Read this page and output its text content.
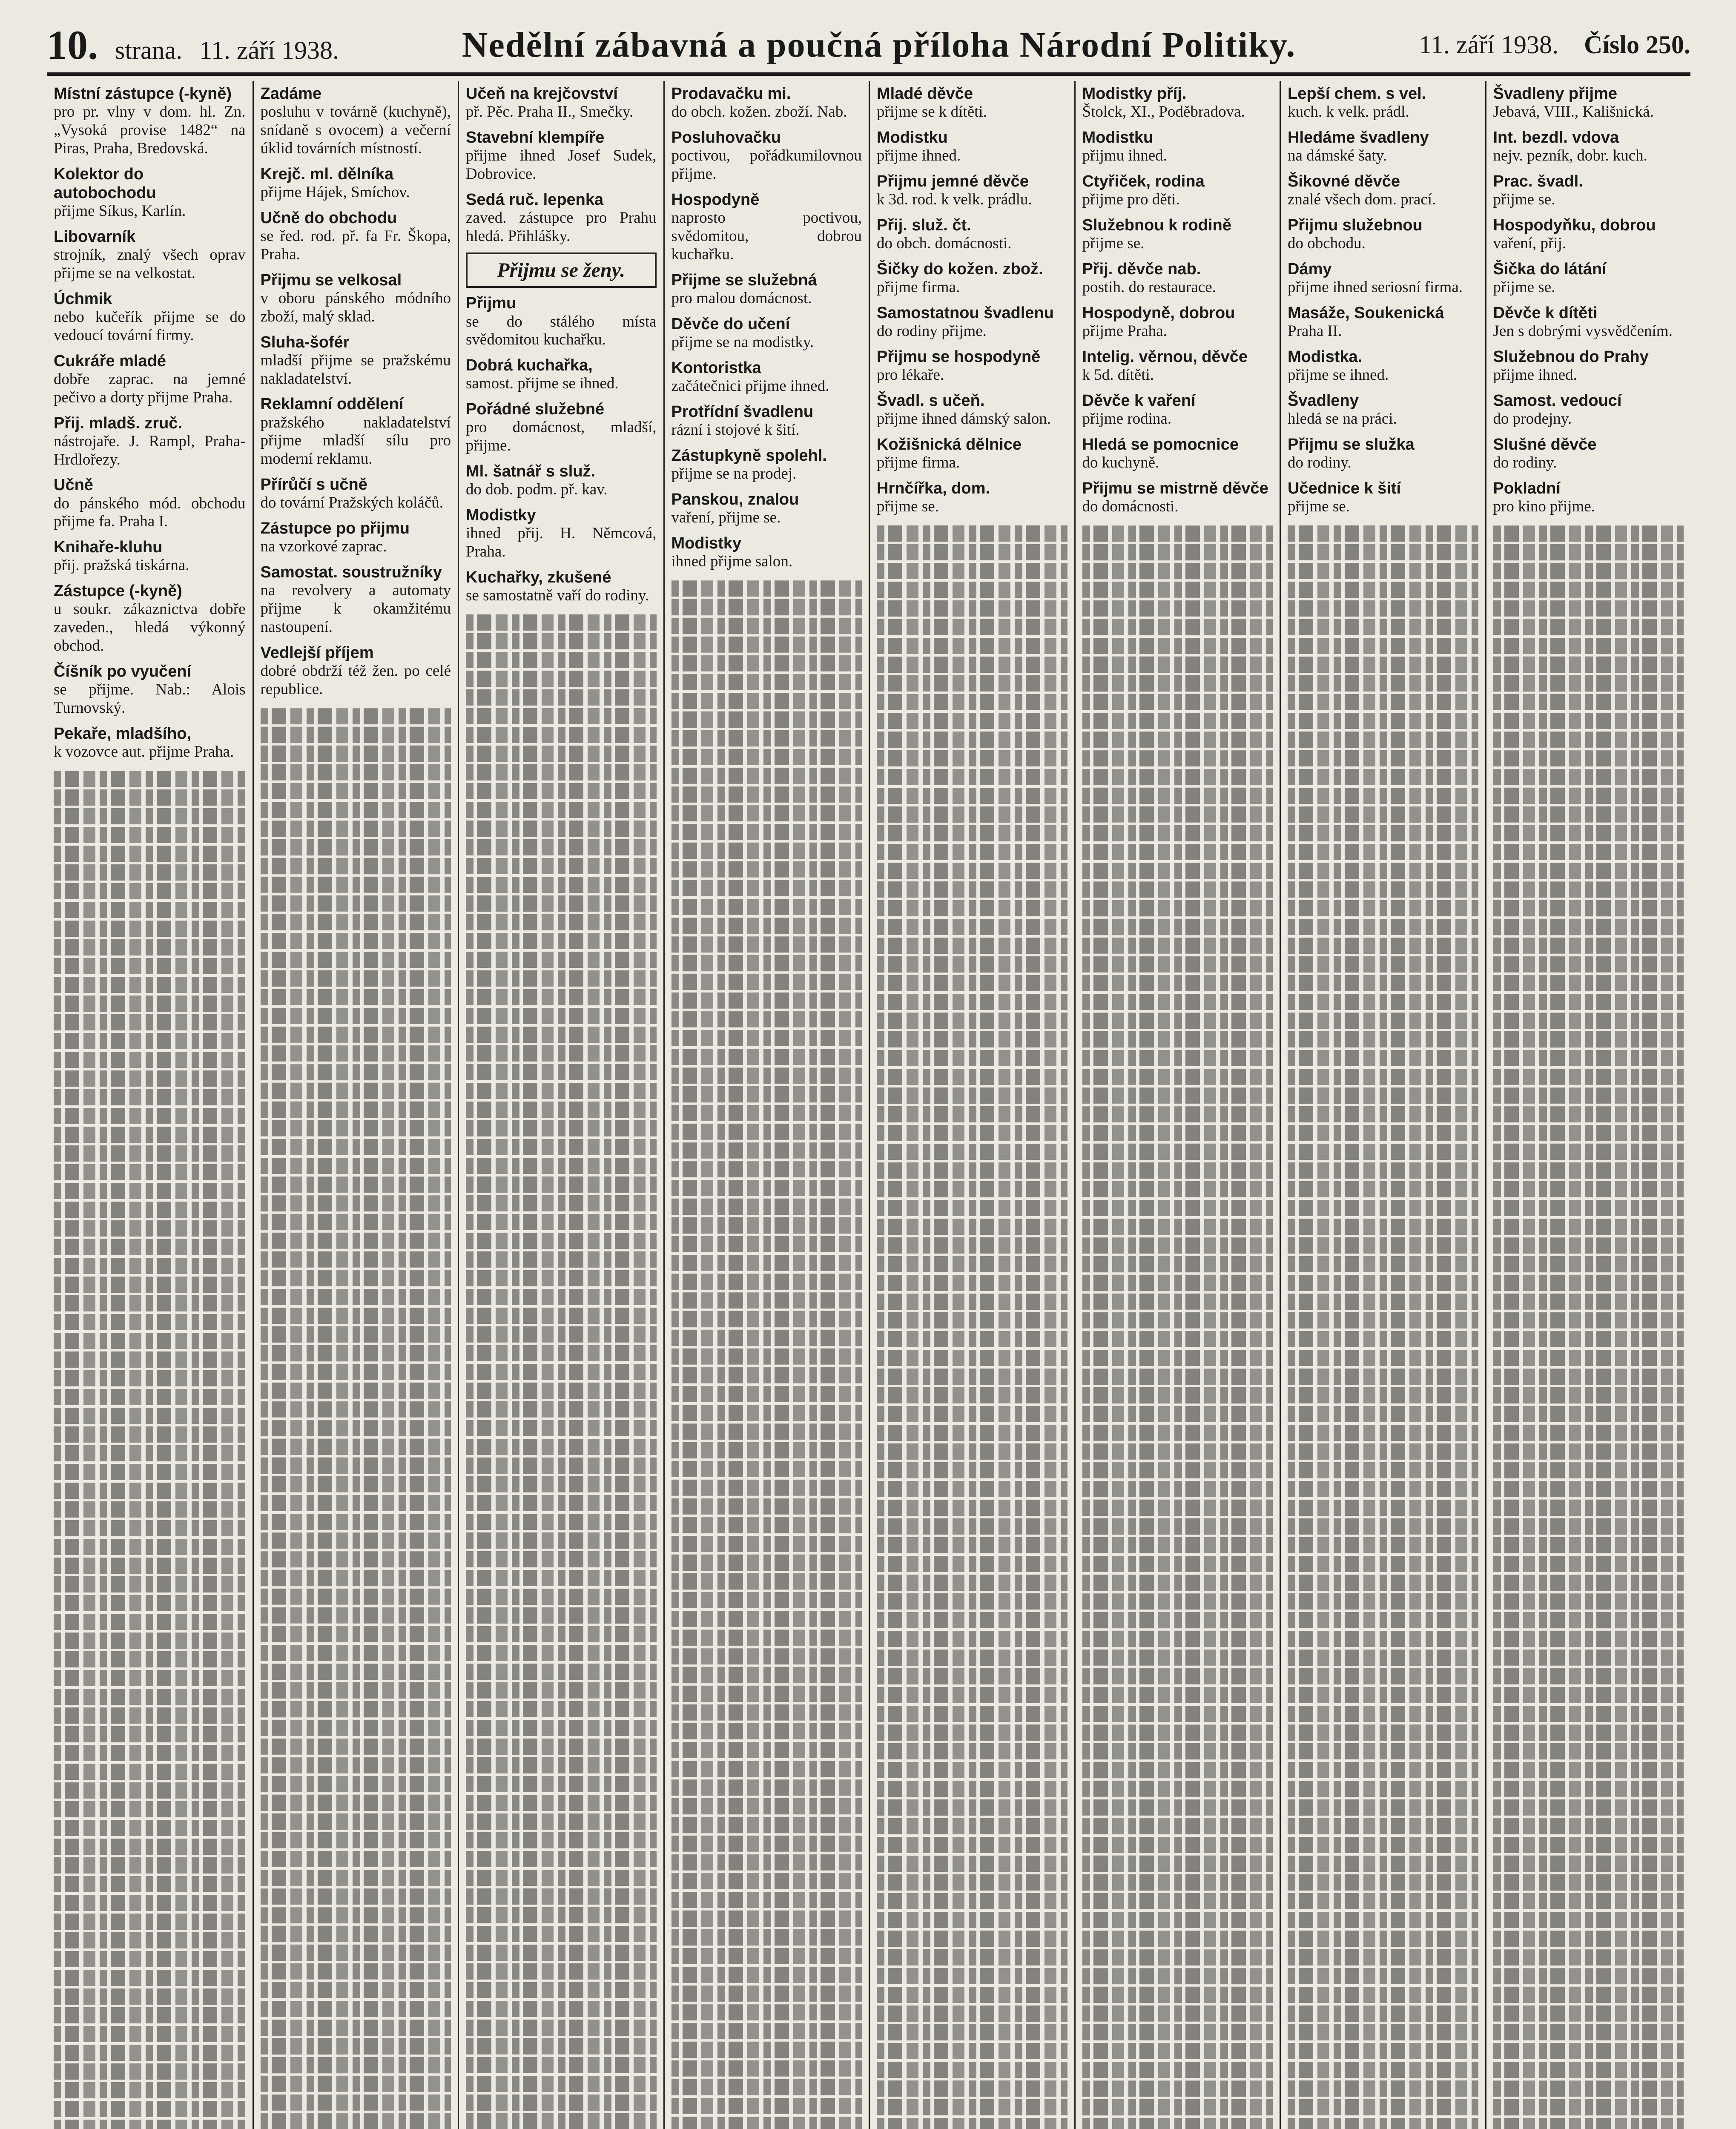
10. strana. 11. září 1938.	Nedělní zábavná a poučná příloha Národní Politiky.	11. září 1938. Číslo 250.
Místní zástupce (-kyně)
pro pr. vlny v dom. hl. Zn. „Vysoká provise 1482“ na Piras, Praha, Bredovská.
Kolektor do autobochodu
přijme Síkus, Karlín.
Libovarník
strojník, znalý všech oprav přijme se na velkostat.
Úchmik
nebo kučeřík přijme se do vedoucí tovární firmy.
Cukráře mladé
dobře zaprac. na jemné pečivo a dorty přijme Praha.
Přij. mladš. zruč.
nástrojaře. J. Rampl, Praha-Hrdlořezy.
Učně
do pánského mód. obchodu přijme fa. Praha I.
Knihaře-kluhu
přij. pražská tiskárna.
Zástupce (-kyně)
u soukr. zákaznictva dobře zaveden., hledá výkonný obchod.
Číšník po vyučení
se přijme. Nab.: Alois Turnovský.
Pekaře, mladšího,
k vozovce aut. přijme Praha.
Zadáme
posluhu v továrně (kuchyně), snídaně s ovocem) a večerní úklid továrních místností.
Krejč. ml. dělníka
přijme Hájek, Smíchov.
Učně do obchodu
se řed. rod. př. fa Fr. Škopa, Praha.
Přijmu se velkosal
v oboru pánského módního zboží, malý sklad.
Sluha-šofér
mladší přijme se pražskému nakladatelství.
Reklamní oddělení
pražského nakladatelství přijme mladší sílu pro moderní reklamu.
Přírůčí s učně
do tovární Pražských koláčů.
Zástupce po přijmu
na vzorkové zaprac.
Samostat. soustružníky
na revolvery a automaty přijme k okamžitému nastoupení.
Vedlejší příjem
dobré obdrží též žen. po celé republice.
Učeň na krejčovství
př. Pěc. Praha II., Smečky.
Stavební klempíře
přijme ihned Josef Sudek, Dobrovice.
Sedá ruč. lepenka
zaved. zástupce pro Prahu hledá. Přihlášky.
Přijmu se ženy.
Přijmu
se do stálého místa svědomitou kuchařku.
Dobrá kuchařka,
samost. přijme se ihned.
Pořádné služebné
pro domácnost, mladší, přijme.
Ml. šatnář s služ.
do dob. podm. př. kav.
Modistky
ihned přij. H. Němcová, Praha.
Kuchařky, zkušené
se samostatně vaří do rodiny.
Prodavačku mi.
do obch. kožen. zboží. Nab.
Posluhovačku
poctivou, pořádkumilovnou přijme.
Hospodyně
naprosto poctivou, svědomitou, dobrou kuchařku.
Přijme se služebná
pro malou domácnost.
Děvče do učení
přijme se na modistky.
Kontoristka
začátečnici přijme ihned.
Protřídní švadlenu
rázní i stojové k šití.
Zástupkyně spolehl.
přijme se na prodej.
Panskou, znalou
vaření, přijme se.
Modistky
ihned přijme salon.
Mladé děvče
přijme se k dítěti.
Modistku
přijme ihned.
Přijmu jemné děvče
k 3d. rod. k velk. prádlu.
Přij. služ. čt.
do obch. domácnosti.
Šičky do kožen. zbož.
přijme firma.
Samostatnou švadlenu
do rodiny přijme.
Přijmu se hospodyně
pro lékaře.
Švadl. s učeň.
přijme ihned dámský salon.
Kožišnická dělnice
přijme firma.
Hrnčířka, dom.
přijme se.
Modistky příj.
Štolck, XI., Poděbradova.
Modistku
přijmu ihned.
Ctyřiček, rodina
přijme pro děti.
Služebnou k rodině
přijme se.
Přij. děvče nab.
postih. do restaurace.
Hospodyně, dobrou
přijme Praha.
Intelig. věrnou, děvče
k 5d. dítěti.
Děvče k vaření
přijme rodina.
Hledá se pomocnice
do kuchyně.
Přijmu se mistrně děvče
do domácnosti.
Lepší chem. s vel.
kuch. k velk. prádl.
Hledáme švadleny
na dámské šaty.
Šikovné děvče
znalé všech dom. prací.
Přijmu služebnou
do obchodu.
Dámy
přijme ihned seriosní firma.
Masáže, Soukenická
Praha II.
Modistka.
přijme se ihned.
Švadleny
hledá se na práci.
Přijmu se služka
do rodiny.
Učednice k šití
přijme se.
Švadleny přijme
Jebavá, VIII., Kališnická.
Int. bezdl. vdova
nejv. pezník, dobr. kuch.
Prac. švadl.
přijme se.
Hospodyňku, dobrou
vaření, přij.
Šička do látání
přijme se.
Děvče k dítěti
Jen s dobrými vysvědčením.
Služebnou do Prahy
přijme ihned.
Samost. vedoucí
do prodejny.
Slušné děvče
do rodiny.
Pokladní
pro kino přijme.
